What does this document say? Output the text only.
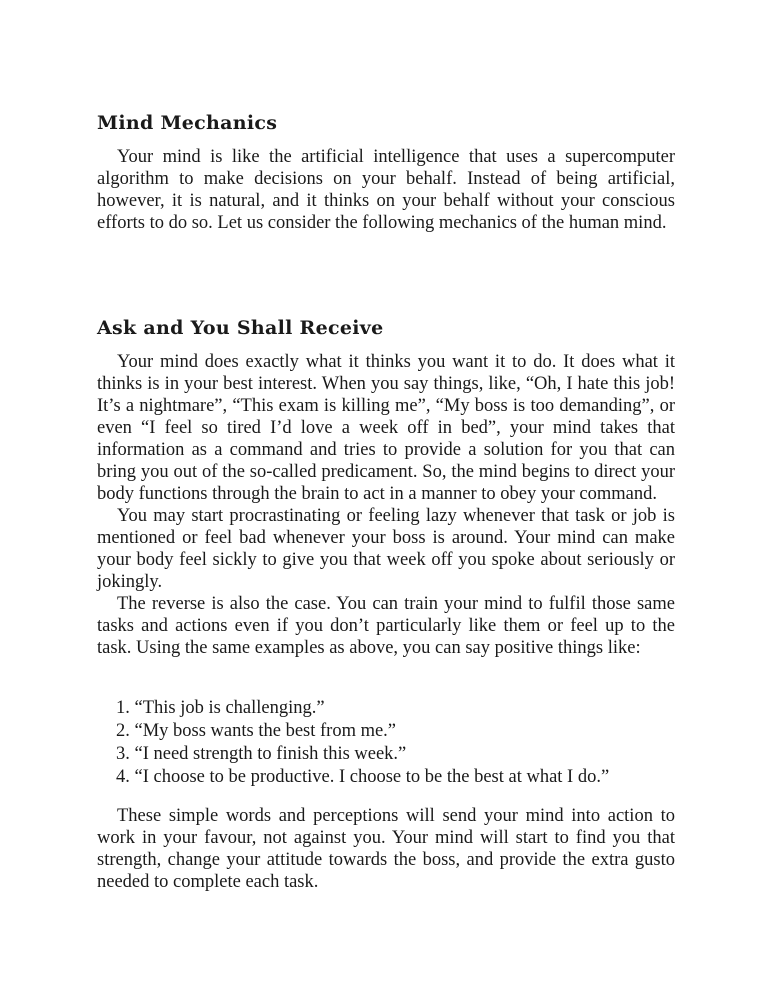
Mind Mechanics

Your mind is like the artificial intelligence that uses a supercomputer algorithm to make decisions on your behalf. Instead of being artificial, however, it is natural, and it thinks on your behalf without your conscious efforts to do so. Let us consider the following mechanics of the human mind.

Ask and You Shall Receive

Your mind does exactly what it thinks you want it to do. It does what it thinks is in your best interest. When you say things, like, “Oh, I hate this job! It’s a nightmare”, “This exam is killing me”, “My boss is too demanding”, or even “I feel so tired I’d love a week off in bed”, your mind takes that information as a command and tries to provide a solution for you that can bring you out of the so-called predicament. So, the mind begins to direct your body functions through the brain to act in a manner to obey your command.

You may start procrastinating or feeling lazy whenever that task or job is mentioned or feel bad whenever your boss is around. Your mind can make your body feel sickly to give you that week off you spoke about seriously or jokingly.

The reverse is also the case. You can train your mind to fulfil those same tasks and actions even if you don’t particularly like them or feel up to the task. Using the same examples as above, you can say positive things like:

1. “This job is challenging.”
2. “My boss wants the best from me.”
3. “I need strength to finish this week.”
4. “I choose to be productive. I choose to be the best at what I do.”

These simple words and perceptions will send your mind into action to work in your favour, not against you. Your mind will start to find you that strength, change your attitude towards the boss, and provide the extra gusto needed to complete each task.
